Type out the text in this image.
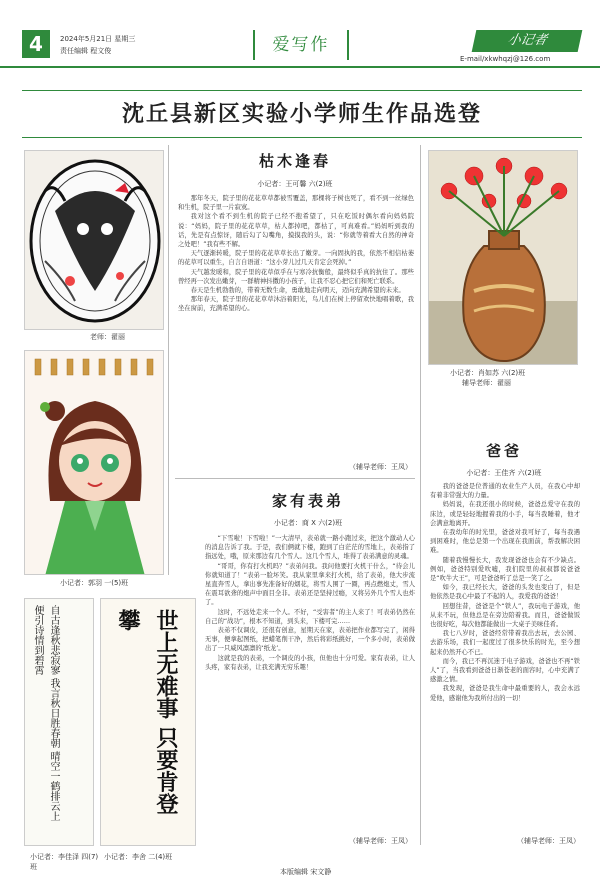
4	2024年5月21日 星期三
责任编辑 程文俊	爱写作	小记者
E-mail/xkwhqzj@126.com
沈丘县新区实验小学师生作品选登
老师：翟丽
小记者：郭羽 一(5)班
自古逢秋悲寂寥 我言秋日胜春朝 晴空一鹤排云上 便引诗情到碧霄
小记者：李佳泽 四(7)班
世上无难事 只要肯登攀
小记者：李舍 二(4)班
枯木逢春
小记者：王可馨 六(2)班

那年冬天，院子里的花花草草都被雪覆盖，那棵将子树也死了，看不到一丝绿色和生机，院子里一片寂寞。

我对这个看不到生机的院子已经不抱希望了，只在吃饭时偶尔看向妈妈院说：“妈妈，院子里的花花草草，枯人都掉吧，都枯了，可真难看。”妈妈听到我的话，先是有点惊讶，随后勾了勾嘴角，摸摸我的头，说：“你就等着看大自然的神奇之处吧！”我有些不解。

天气逐渐转暖，院子里的花花草草长出了嫩芽。一向固执的我，依然不相信枯萎的花草可以重生，自言自语道：“这小芽儿过几天肯定会死掉。”

天气越发暖和，院子里的花草似乎在与寒冷抗衡般，最终似乎真的抗住了。那些曾经再一次发出嫩芽，一群精神抖擞的小孩子，让我不忍心把它们和死亡联系。

春天是生机勃勃的，带着无数生命，勇敢地走向明天，迈向充满希望的未来。

那年春天，院子里的花花草草沐浴着阳光，鸟儿们在树上停留欢快地唱着歌，我坐在窗前，充满希望的心。

（辅导老师：王凤）
家有表弟
小记者：商 X 六(2)班

“下雪啦！下雪啦！”一大清早，表弟就一路小跑过来，把这个激动人心的消息告诉了我。于是，我们俩就下楼，跑到了白茫茫的雪地上，表弟指了指远处，哦，原来那边有几个雪人。这几个雪人，堆得了表弟满意的灵魂。

“哥哥，你有打火机吗？”表弟问我。我问他要打火机干什么，“待会儿你就知道了！”表弟一脸坏笑。我从家里拿来打火机，给了表弟，他大步流星直奔雪人，拿出事先准备好的烟花，将雪人围了一圈，再点燃炮丈，雪人在震耳欲聋的炮声中面目全非。表弟还是坚持过瘾，又将另外几个雪人也炸了。

这时，不远处走来一个人。不好，“受害者”的主人来了！可表弟仍然在自己的“战功”，根本不知道，到头来，下楼可完……

表弟不仅调皮，还很有创意，星期天在家，表弟把作业都写完了，闲得无事，便拿起图纸，把蜡笔削干净，然后将彩纸挑好，一个多小时，表弟做出了一只威风凛凛的‘纸龙’。

这就是我的表弟，一个调皮的小孩，但他也十分可爱。家有表弟，让人头疼，家有表弟，让我充满无穷乐趣！

（辅导老师：王凤）
小记者：肖如苏 六(2)班
辅导老师：翟丽
爸爸
小记者：王佳齐 六(2)班

我的爸爸是位普通的农业生产人员，在我心中却有着非常强大的力量。

妈妈说，在我还很小的时候，爸爸总爱守在我的床边，或是轻轻地握着我的小手，每当我睡着，他才会满意地离开。

在我幼年的时光里，爸爸对我可好了，每当我遇到困难时，他总是第一个出现在我面前，帮我解决困难。

随着我慢慢长大，我发现爸爸也会有不少缺点。例如，爸爸特别爱吹嘘，我们院里的叔叔都说爸爸是“吹牛大王”，可是爸爸听了总是一笑了之。

如今，我已经长大，爸爸的头发也变白了，但是他依然是我心中最了不起的人，我爱我的爸爸！

回想往昔，爸爸是个“铁人”，我玩电子游戏，他从来不玩，但他总是在旁边陪着我。而且，爸爸做饭也很好吃，每次他都能做出一大桌子美味佳肴。

我七八岁时，爸爸经常带着我出去玩，去公园、去游乐场，我们一起度过了很多快乐的时光，至今想起来仍然开心不已。

而今，我已不再沉迷于电子游戏，爸爸也不再“铁人”了，当我看到爸爸日渐苍老的面容时，心中充满了感激之情。

我发现，爸爸是我生命中最重要的人，我会永远爱他，感谢他为我所付出的一切！

（辅导老师：王凤）
本版编辑 宋文静
